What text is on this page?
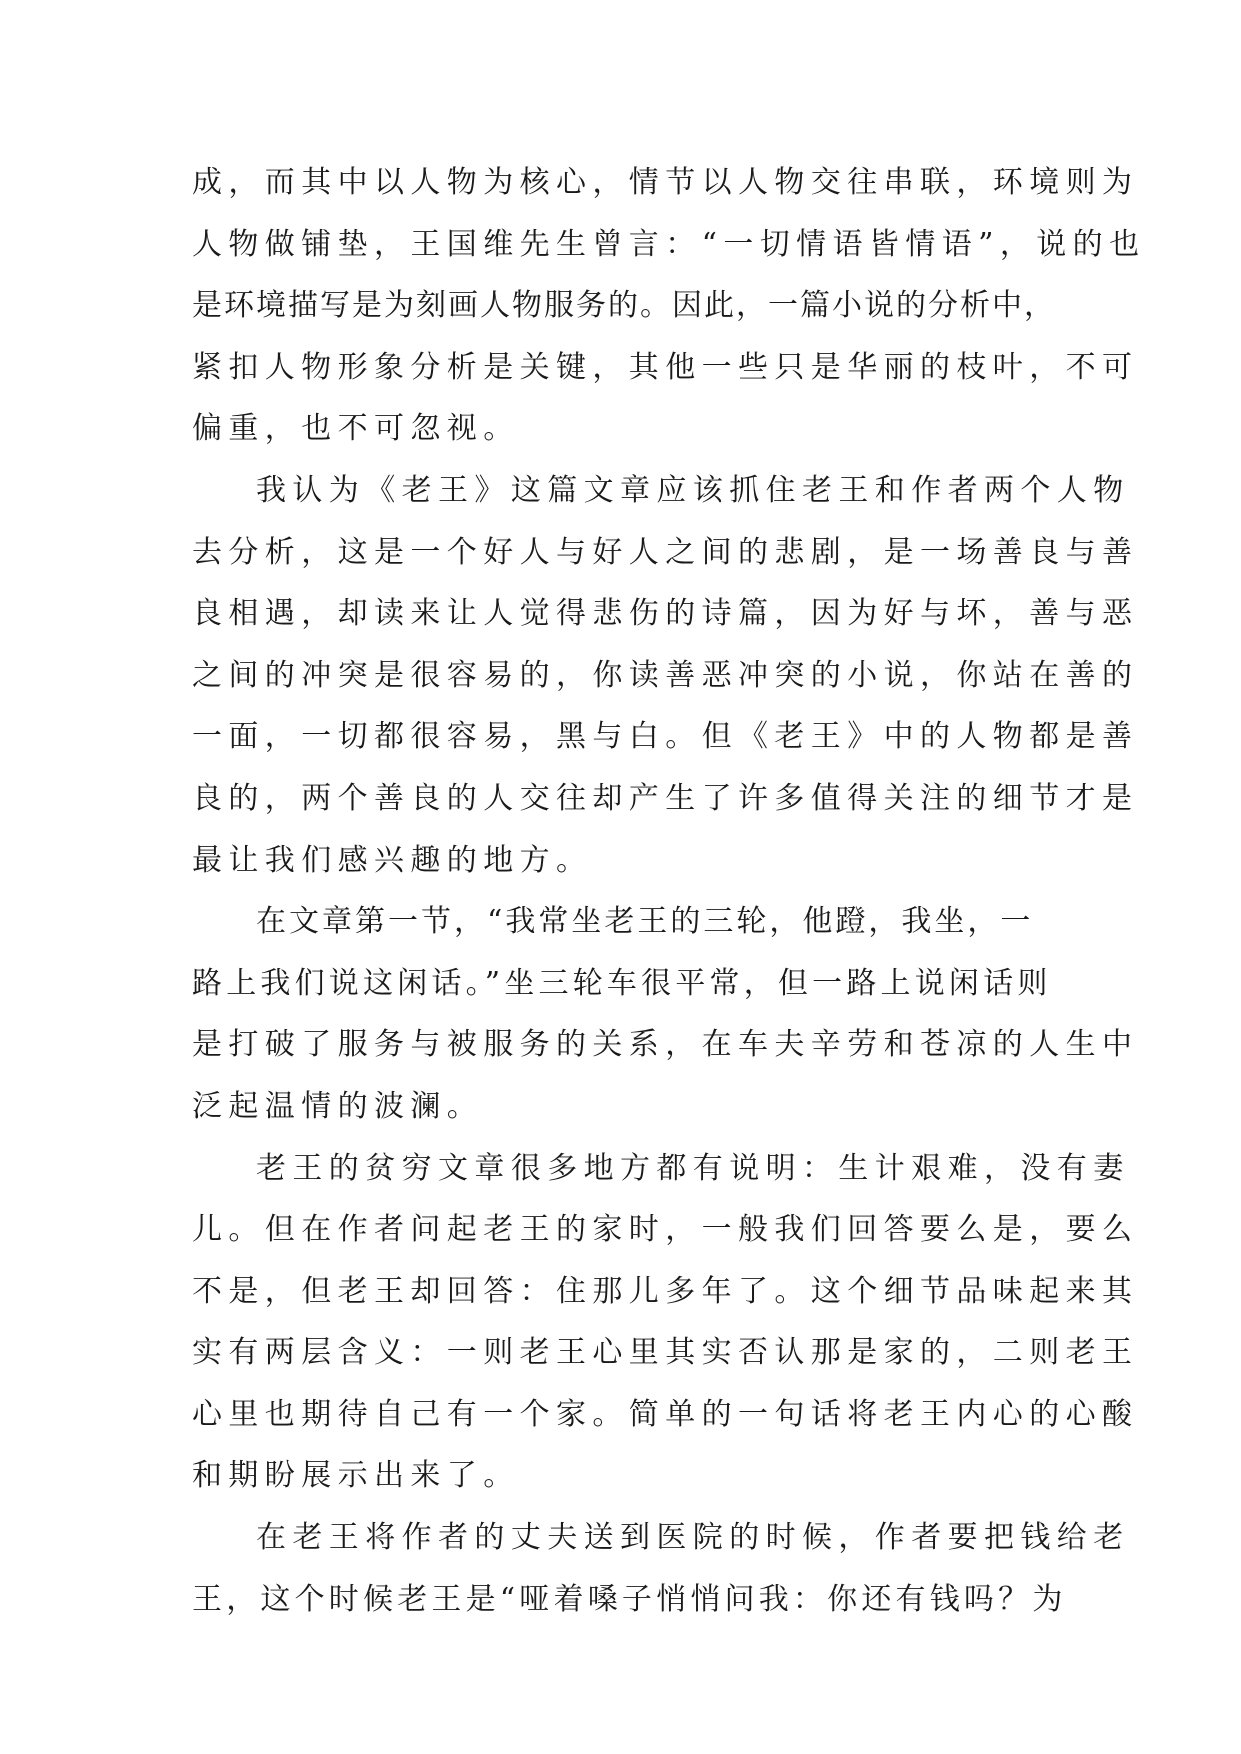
成，而其中以人物为核心，情节以人物交往串联，环境则为
人物做铺垫，王国维先生曾言：“一切情语皆情语”，说的也
是环境描写是为刻画人物服务的。因此，一篇小说的分析中，
紧扣人物形象分析是关键，其他一些只是华丽的枝叶，不可
偏重，也不可忽视。
我认为《老王》这篇文章应该抓住老王和作者两个人物
去分析，这是一个好人与好人之间的悲剧，是一场善良与善
良相遇，却读来让人觉得悲伤的诗篇，因为好与坏，善与恶
之间的冲突是很容易的，你读善恶冲突的小说，你站在善的
一面，一切都很容易，黑与白。但《老王》中的人物都是善
良的，两个善良的人交往却产生了许多值得关注的细节才是
最让我们感兴趣的地方。
在文章第一节，“我常坐老王的三轮，他蹬，我坐，一
路上我们说这闲话。”坐三轮车很平常，但一路上说闲话则
是打破了服务与被服务的关系，在车夫辛劳和苍凉的人生中
泛起温情的波澜。
老王的贫穷文章很多地方都有说明：生计艰难，没有妻
儿。但在作者问起老王的家时，一般我们回答要么是，要么
不是，但老王却回答：住那儿多年了。这个细节品味起来其
实有两层含义：一则老王心里其实否认那是家的，二则老王
心里也期待自己有一个家。简单的一句话将老王内心的心酸
和期盼展示出来了。
在老王将作者的丈夫送到医院的时候，作者要把钱给老
王，这个时候老王是“哑着嗓子悄悄问我：你还有钱吗？为
